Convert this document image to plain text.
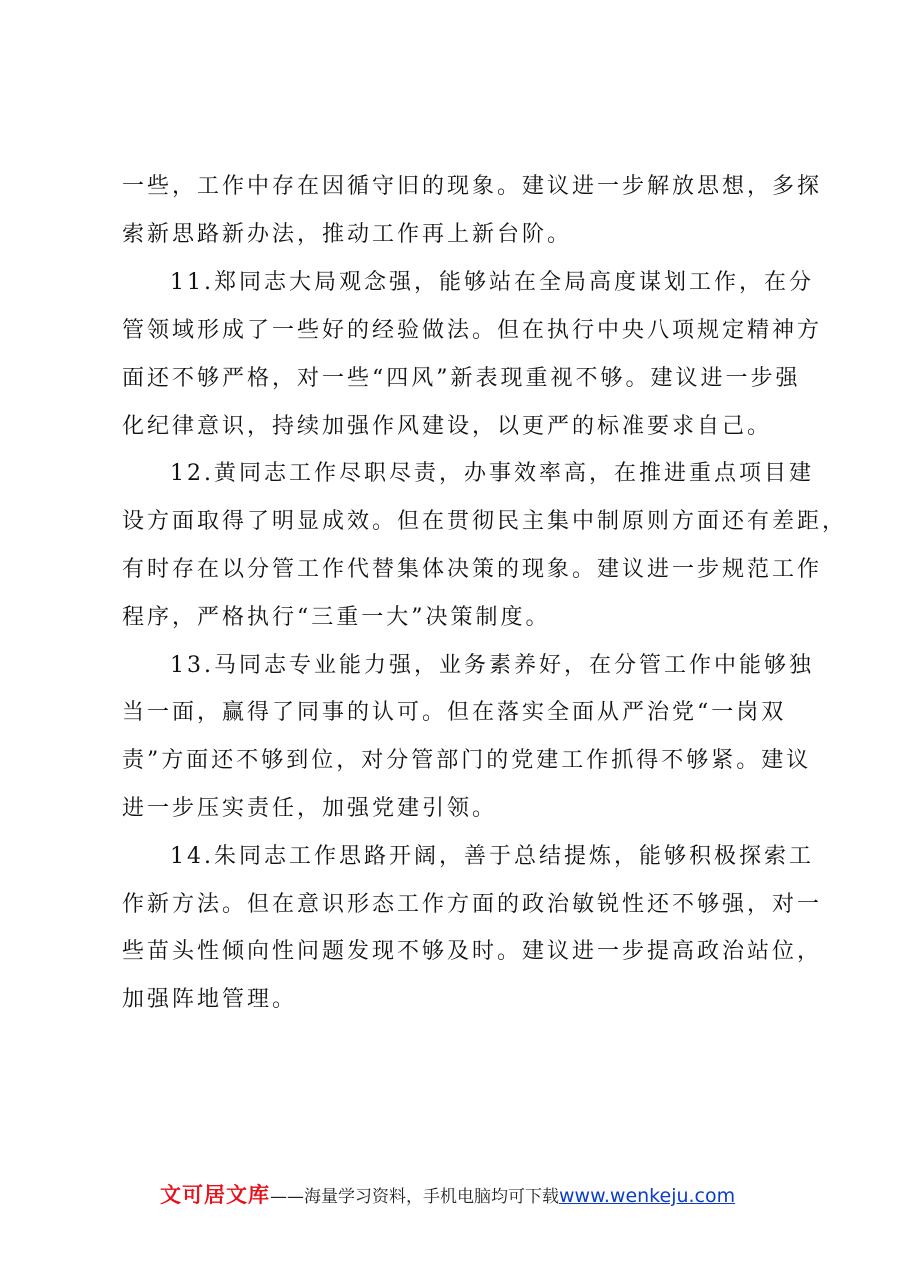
一些，工作中存在因循守旧的现象。建议进一步解放思想，多探
索新思路新办法，推动工作再上新台阶。
11.郑同志大局观念强，能够站在全局高度谋划工作，在分
管领域形成了一些好的经验做法。但在执行中央八项规定精神方
面还不够严格，对一些“四风”新表现重视不够。建议进一步强
化纪律意识，持续加强作风建设，以更严的标准要求自己。
12.黄同志工作尽职尽责，办事效率高，在推进重点项目建
设方面取得了明显成效。但在贯彻民主集中制原则方面还有差距，
有时存在以分管工作代替集体决策的现象。建议进一步规范工作
程序，严格执行“三重一大”决策制度。
13.马同志专业能力强，业务素养好，在分管工作中能够独
当一面，赢得了同事的认可。但在落实全面从严治党“一岗双
责”方面还不够到位，对分管部门的党建工作抓得不够紧。建议
进一步压实责任，加强党建引领。
14.朱同志工作思路开阔，善于总结提炼，能够积极探索工
作新方法。但在意识形态工作方面的政治敏锐性还不够强，对一
些苗头性倾向性问题发现不够及时。建议进一步提高政治站位，
加强阵地管理。
文可居文库——海量学习资料，手机电脑均可下载www.wenkeju.com
